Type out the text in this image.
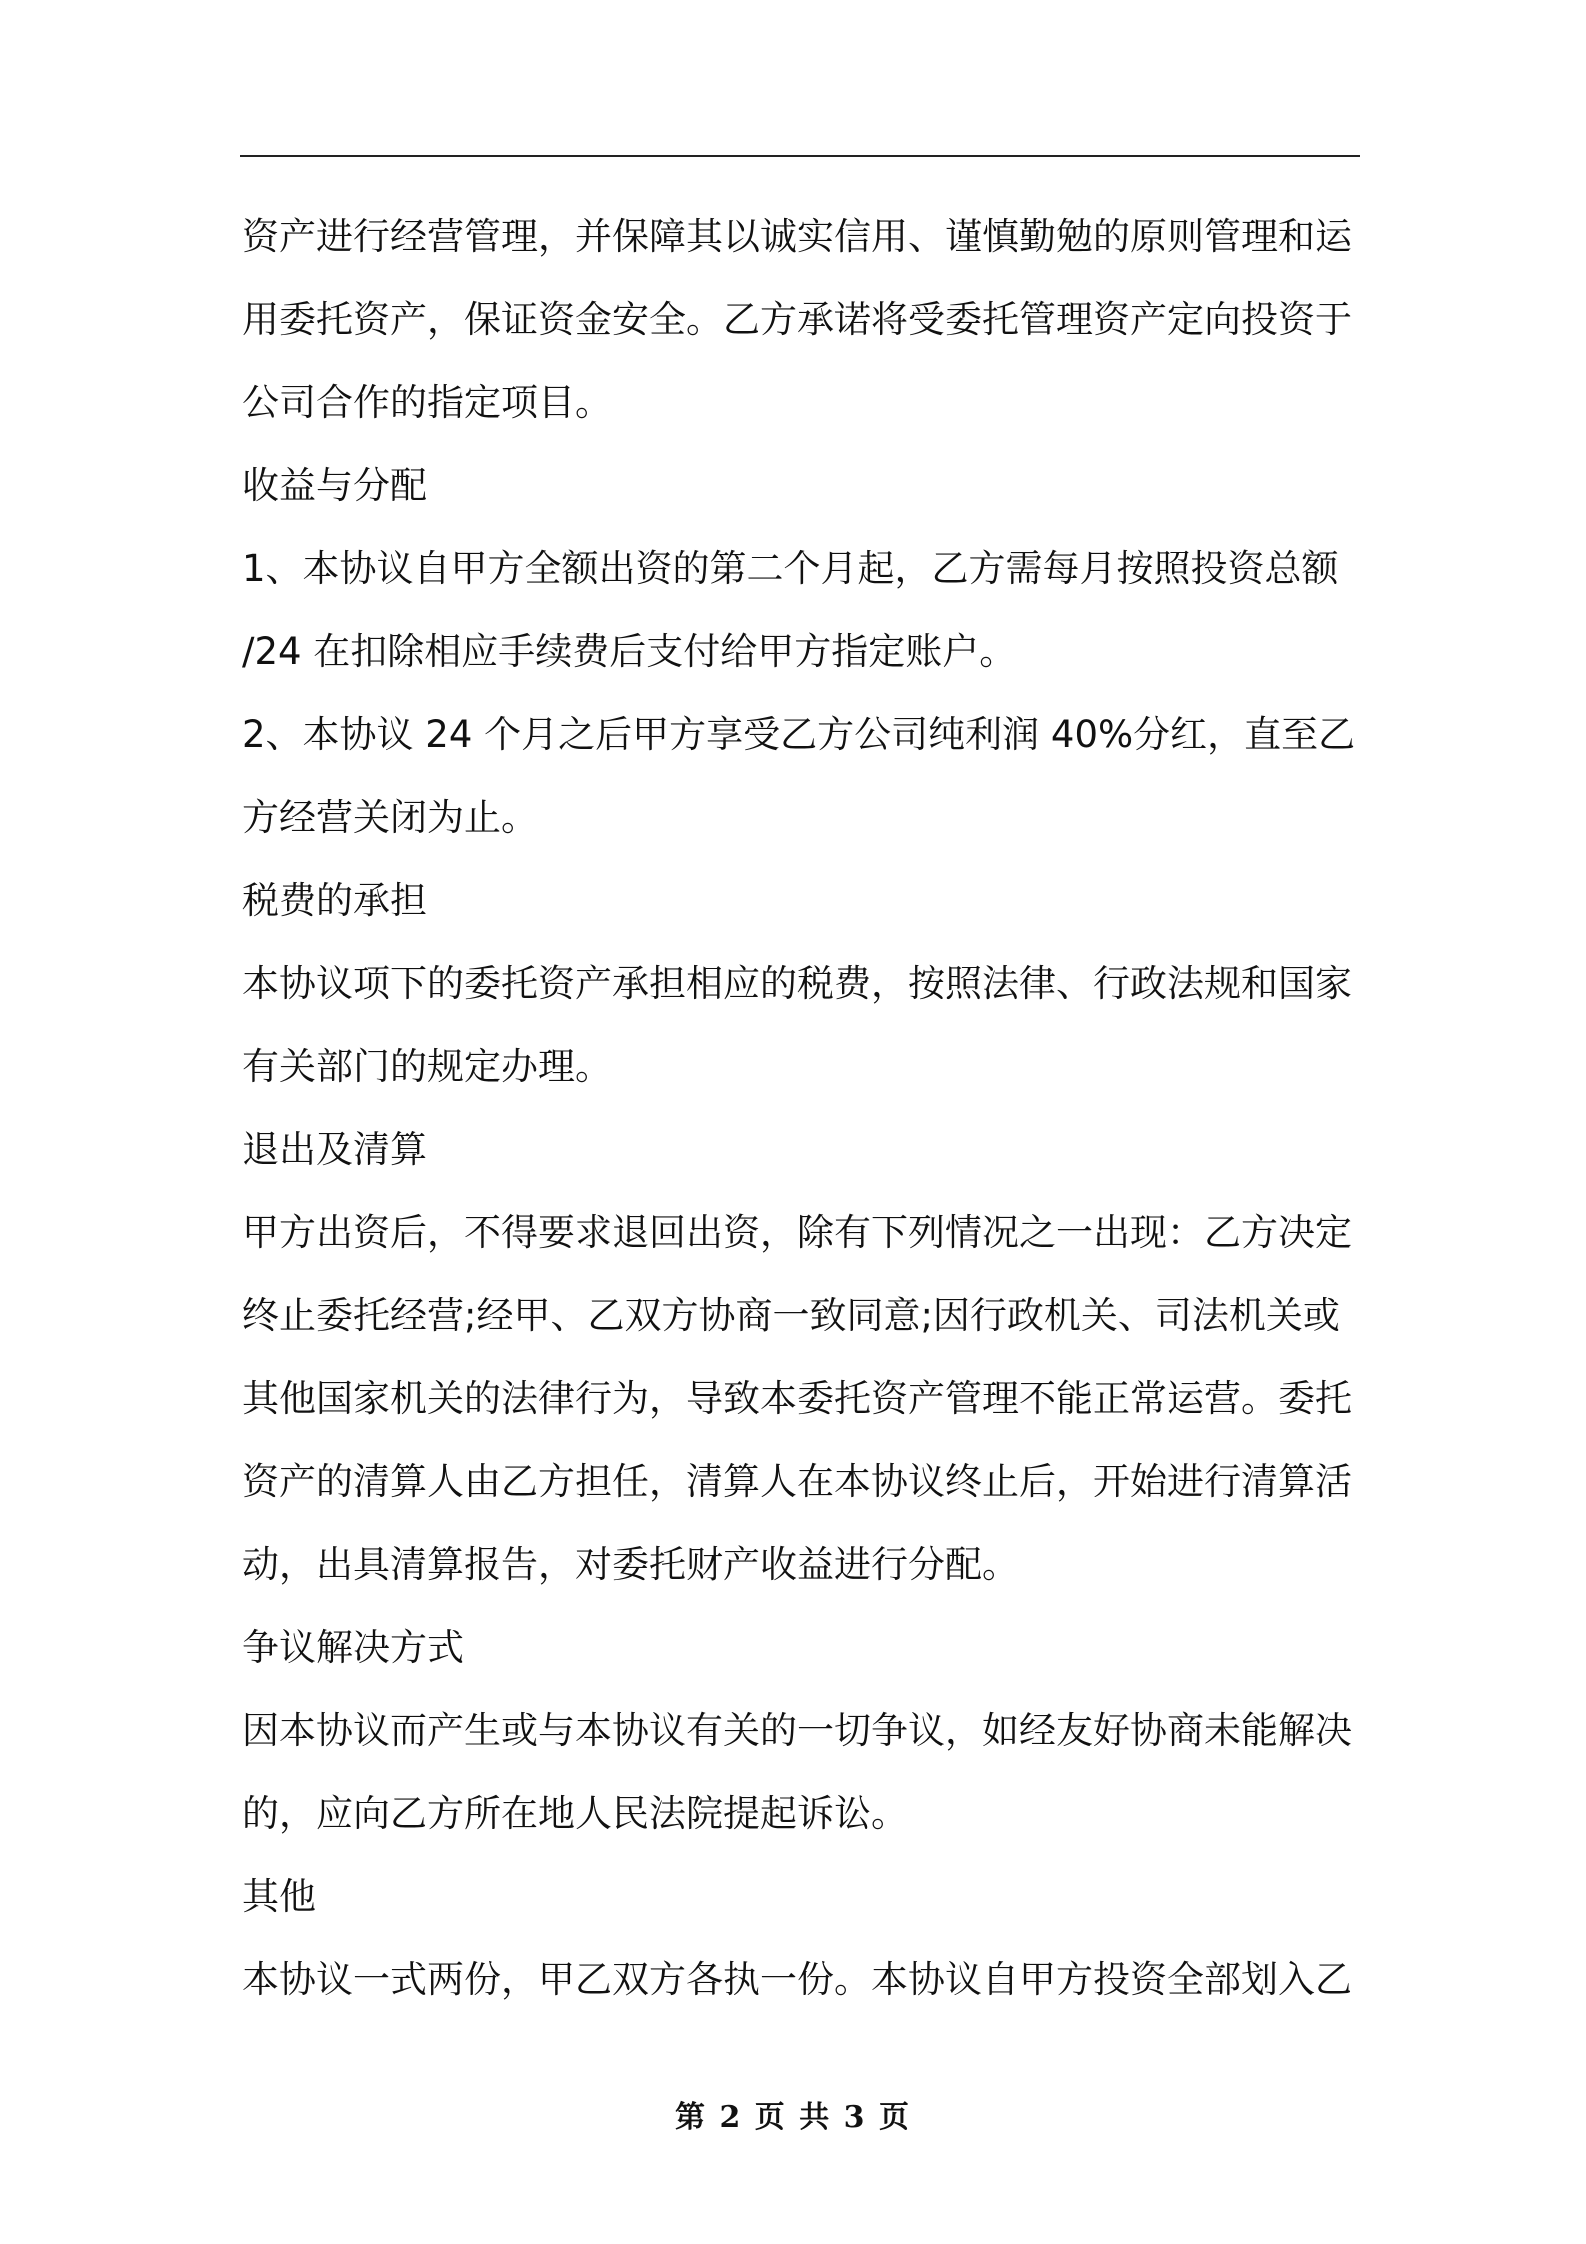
资产进行经营管理，并保障其以诚实信用、谨慎勤勉的原则管理和运

用委托资产，保证资金安全。乙方承诺将受委托管理资产定向投资于

公司合作的指定项目。

收益与分配

1、本协议自甲方全额出资的第二个月起，乙方需每月按照投资总额

/24 在扣除相应手续费后支付给甲方指定账户。

2、本协议 24 个月之后甲方享受乙方公司纯利润 40%分红，直至乙

方经营关闭为止。

税费的承担

本协议项下的委托资产承担相应的税费，按照法律、行政法规和国家

有关部门的规定办理。

退出及清算

甲方出资后，不得要求退回出资，除有下列情况之一出现：乙方决定

终止委托经营;经甲、乙双方协商一致同意;因行政机关、司法机关或

其他国家机关的法律行为，导致本委托资产管理不能正常运营。委托

资产的清算人由乙方担任，清算人在本协议终止后，开始进行清算活

动，出具清算报告，对委托财产收益进行分配。

争议解决方式

因本协议而产生或与本协议有关的一切争议，如经友好协商未能解决

的，应向乙方所在地人民法院提起诉讼。

其他

本协议一式两份，甲乙双方各执一份。本协议自甲方投资全部划入乙

第 2 页 共 3 页
